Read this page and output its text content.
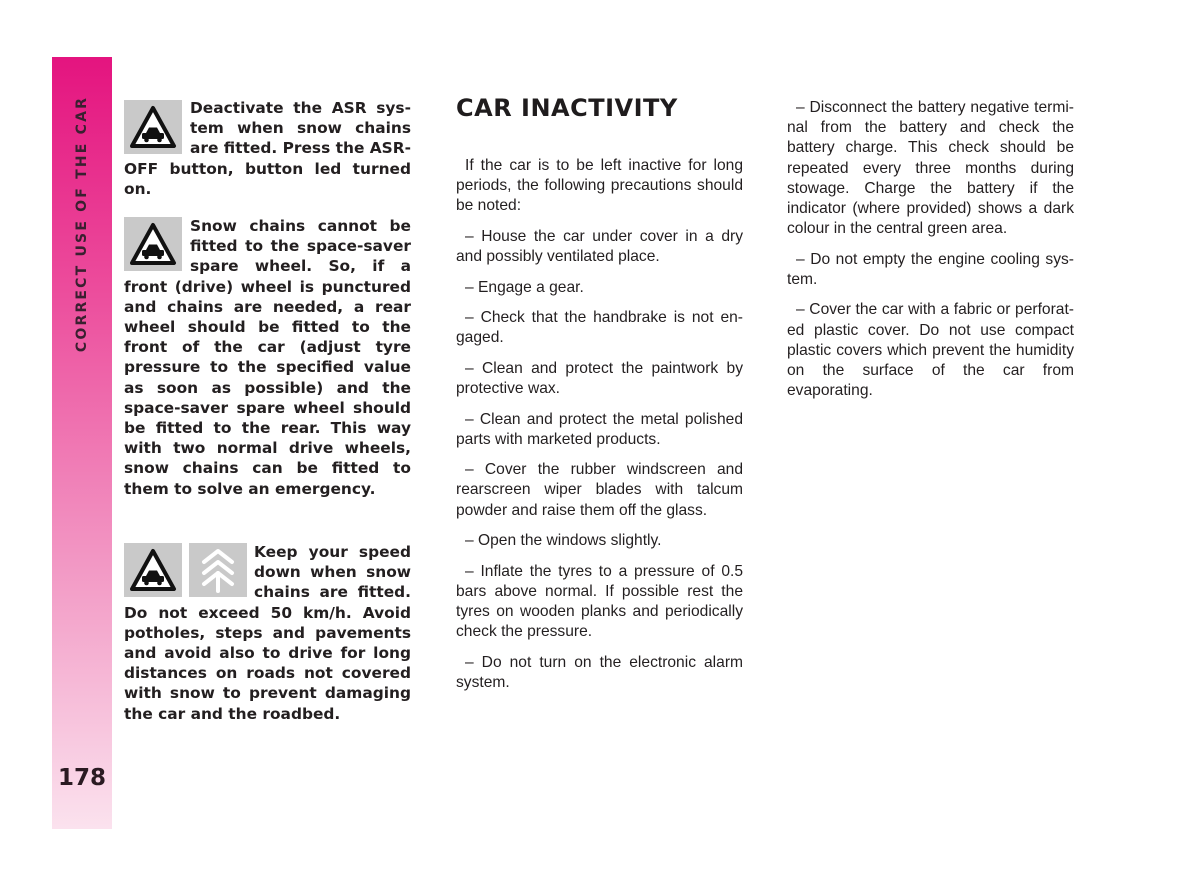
CORRECT USE OF THE CAR
178

Deactivate the ASR system when snow chains are fitted. Press the ASR-OFF button, button led turned on.

Snow chains cannot be fitted to the space-saver spare wheel. So, if a front (drive) wheel is punctured and chains are needed, a rear wheel should be fitted to the front of the car (adjust tyre pressure to the specified value as soon as possible) and the space-saver spare wheel should be fitted to the rear. This way with two normal drive wheels, snow chains can be fitted to them to solve an emergency.

Keep your speed down when snow chains are fitted. Do not exceed 50 km/h. Avoid potholes, steps and pavements and avoid also to drive for long distances on roads not covered with snow to prevent damaging the car and the roadbed.

CAR INACTIVITY

If the car is to be left inactive for long periods, the following precautions should be noted:

– House the car under cover in a dry and possibly ventilated place.

– Engage a gear.

– Check that the handbrake is not engaged.

– Clean and protect the paintwork by protective wax.

– Clean and protect the metal polished parts with marketed products.

– Cover the rubber windscreen and rearscreen wiper blades with talcum powder and raise them off the glass.

– Open the windows slightly.

– Inflate the tyres to a pressure of 0.5 bars above normal. If possible rest the tyres on wooden planks and periodically check the pressure.

– Do not turn on the electronic alarm system.

– Disconnect the battery negative terminal from the battery and check the battery charge. This check should be repeated every three months during stowage. Charge the battery if the indicator (where provided) shows a dark colour in the central green area.

– Do not empty the engine cooling system.

– Cover the car with a fabric or perforated plastic cover. Do not use compact plastic covers which prevent the humidity on the surface of the car from evaporating.
